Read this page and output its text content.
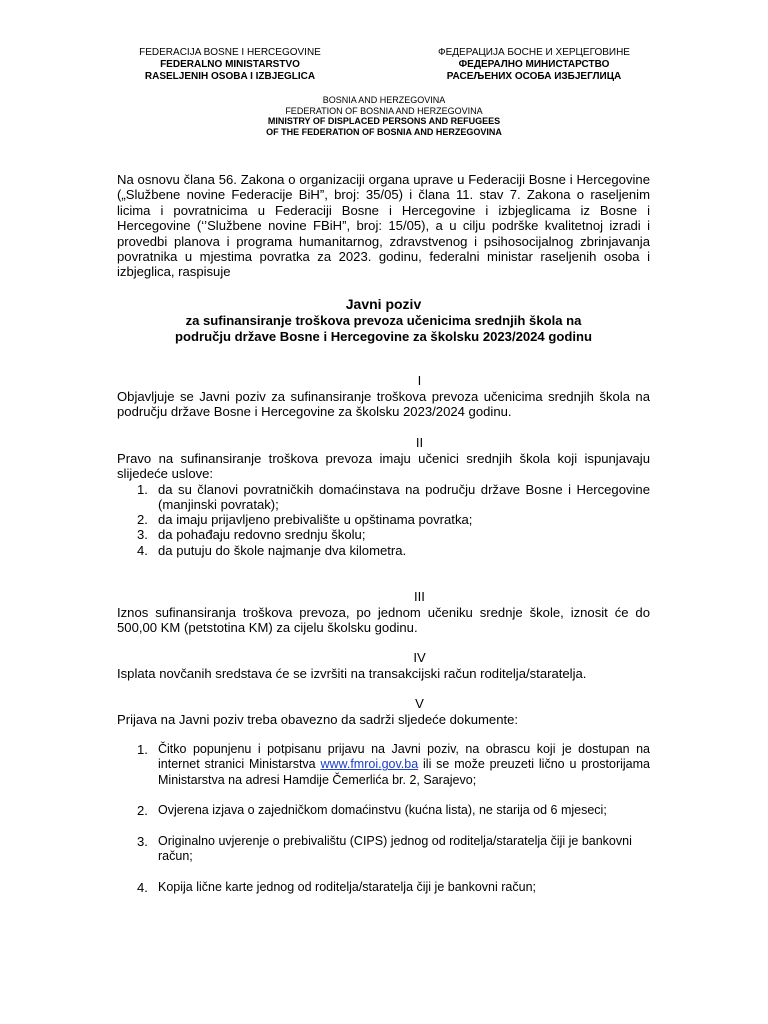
FEDERACIJA BOSNE I HERCEGOVINE
FEDERALNO MINISTARSTVO
RASELJENIH OSOBA I IZBJEGLICA
ФЕДЕРАЦИЈА БОСНЕ И ХЕРЦЕГОВИНЕ
ФЕДЕРАЛНО МИНИСТАРСТВО
РАСЕЉЕНИХ ОСОБА ИЗБЈЕГЛИЦА
BOSNIA AND HERZEGOVINA
FEDERATION OF BOSNIA AND HERZEGOVINA
MINISTRY OF DISPLACED PERSONS AND REFUGEES
OF THE FEDERATION OF BOSNIA AND HERZEGOVINA
Na osnovu člana 56. Zakona o organizaciji organa uprave u Federaciji Bosne i Hercegovine („Službene novine Federacije BiH”, broj: 35/05) i člana 11. stav 7. Zakona o raseljenim licima i povratnicima u Federaciji Bosne i Hercegovine i izbjeglicama iz Bosne i Hercegovine (‘’Službene novine FBiH”, broj: 15/05), a u cilju podrške kvalitetnoj izradi i provedbi planova i programa humanitarnog, zdravstvenog i psihosocijalnog zbrinjavanja povratnika u mjestima povratka za 2023. godinu, federalni ministar raseljenih osoba i izbjeglica, raspisuje
Javni poziv
za sufinansiranje troškova prevoza učenicima srednjih škola na
području države Bosne i Hercegovine za školsku 2023/2024 godinu
I
Objavljuje se Javni poziv za sufinansiranje troškova prevoza učenicima srednjih škola na području države Bosne i Hercegovine za školsku 2023/2024 godinu.
II
Pravo na sufinansiranje troškova prevoza imaju učenici srednjih škola koji ispunjavaju slijedeće uslove:
1. da su članovi povratničkih domaćinstava na području države Bosne i Hercegovine (manjinski povratak);
2. da imaju prijavljeno prebivalište u opštinama povratka;
3. da pohađaju redovno srednju školu;
4. da putuju do škole najmanje dva kilometra.
III
Iznos sufinansiranja troškova prevoza, po jednom učeniku srednje škole, iznosit će do 500,00 KM (petstotina KM) za cijelu školsku godinu.
IV
Isplata novčanih sredstava će se izvršiti na transakcijski račun roditelja/staratelja.
V
Prijava na Javni poziv treba obavezno da sadrži sljedeće dokumente:
1. Čitko popunjenu i potpisanu prijavu na Javni poziv, na obrascu koji je dostupan na internet stranici Ministarstva www.fmroi.gov.ba ili se može preuzeti lično u prostorijama Ministarstva na adresi Hamdije Čemerlića br. 2, Sarajevo;
2. Ovjerena izjava o zajedničkom domaćinstvu (kućna lista), ne starija od 6 mjeseci;
3. Originalno uvjerenje o prebivalištu (CIPS) jednog od roditelja/staratelja čiji je bankovni račun;
4. Kopija lične karte jednog od roditelja/staratelja čiji je bankovni račun;
